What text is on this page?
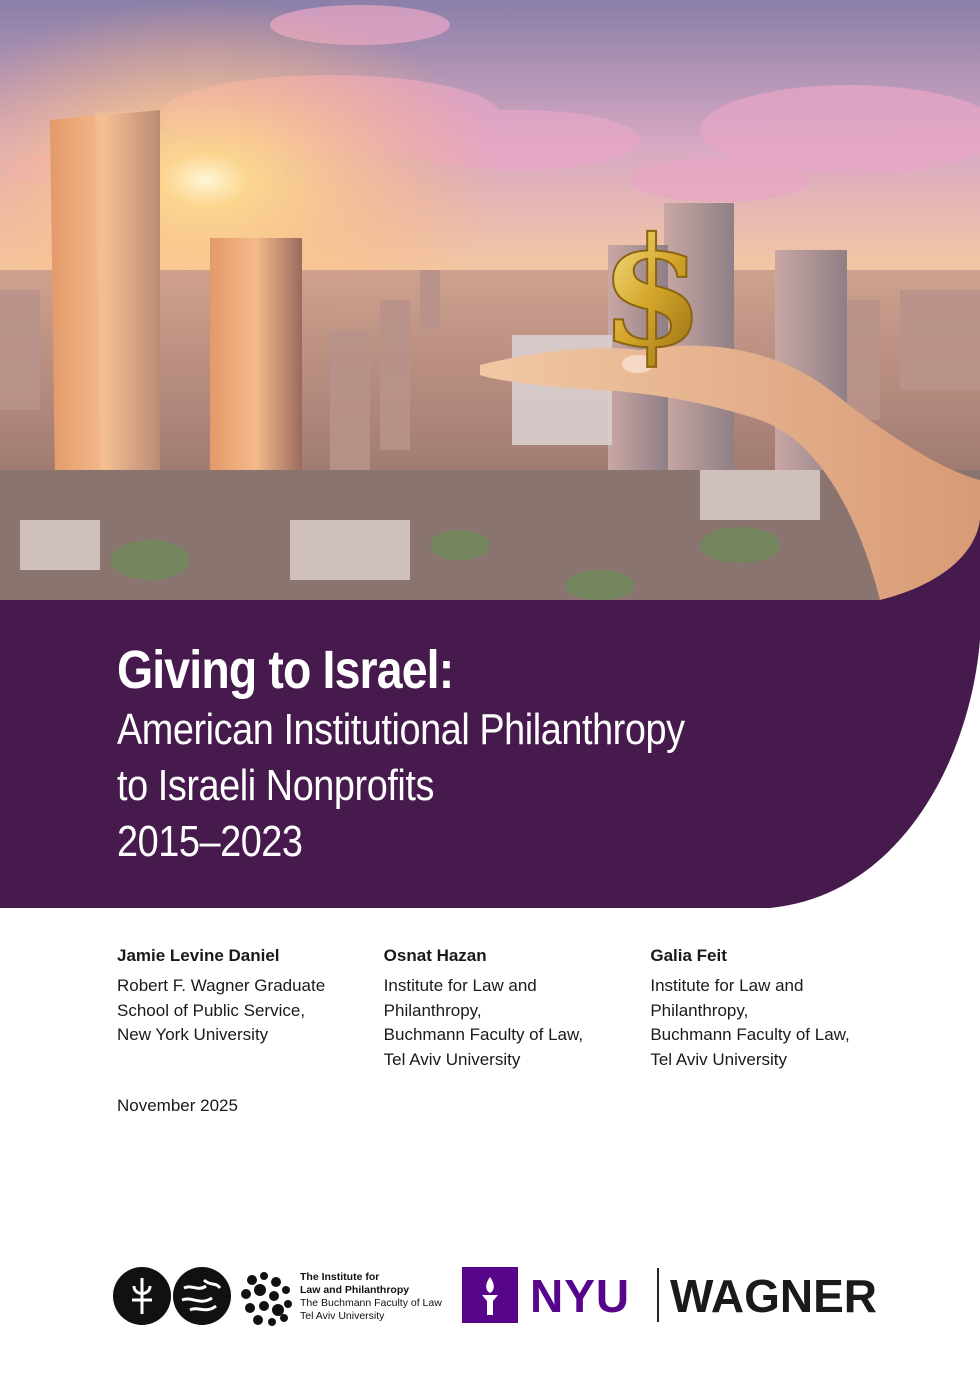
$
Giving to Israel:
American Institutional Philanthropy
to Israeli Nonprofits
2015–2023
Jamie Levine Daniel
Robert F. Wagner Graduate
School of Public Service,
New York University
Osnat Hazan
Institute for Law and
Philanthropy,
Buchmann Faculty of Law,
Tel Aviv University
Galia Feit
Institute for Law and
Philanthropy,
Buchmann Faculty of Law,
Tel Aviv University
November 2025
The Institute for
Law and Philanthropy
The Buchmann Faculty of Law
Tel Aviv University	NYU WAGNER
